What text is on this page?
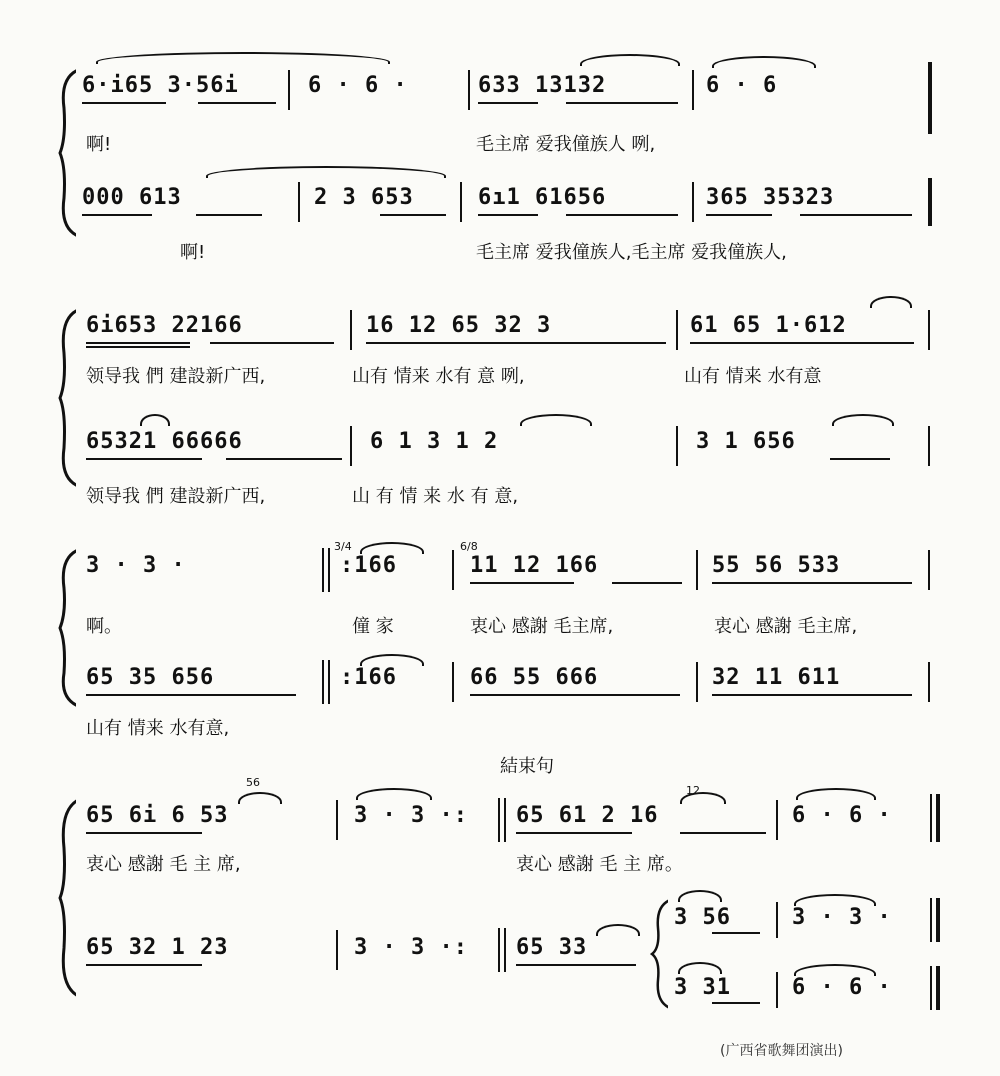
6·i65 3·56i	6 · 6 ·	633 13132	6 · 6
啊!	毛主席 爱我僮族人 咧,
000 613	2 3 653	6ı1 61656	365 35323
啊!	毛主席 爱我僮族人,毛主席 爱我僮族人,
6i653 22166	16 12 65 32 3	61 65 1·612
领导我 們 建設新广西,	山有 情来 水有 意 咧,	山有 情来 水有意
65321 66666	6 1 3 1 2	3 1 656
领导我 們 建設新广西,	山 有 情 来 水 有 意,
3 · 3 ·
3/4
:166
6/8
11 12 166	55 56 533
啊。	僮 家	衷心 感謝 毛主席,	衷心 感謝 毛主席,
65 35 656	:166	66 55 666	32 11 611
山有 情来 水有意,
結束句
56
12
65 6i 6 53	3 · 3 ·: 65 61 2 16	6 · 6 ·
衷心 感謝 毛 主 席,	衷心 感謝 毛 主 席。
65 32 1 23	3 · 3 ·: 65 33
3 56	3 · 3 ·
3 31	6 · 6 ·
(广西省歌舞团演出)
